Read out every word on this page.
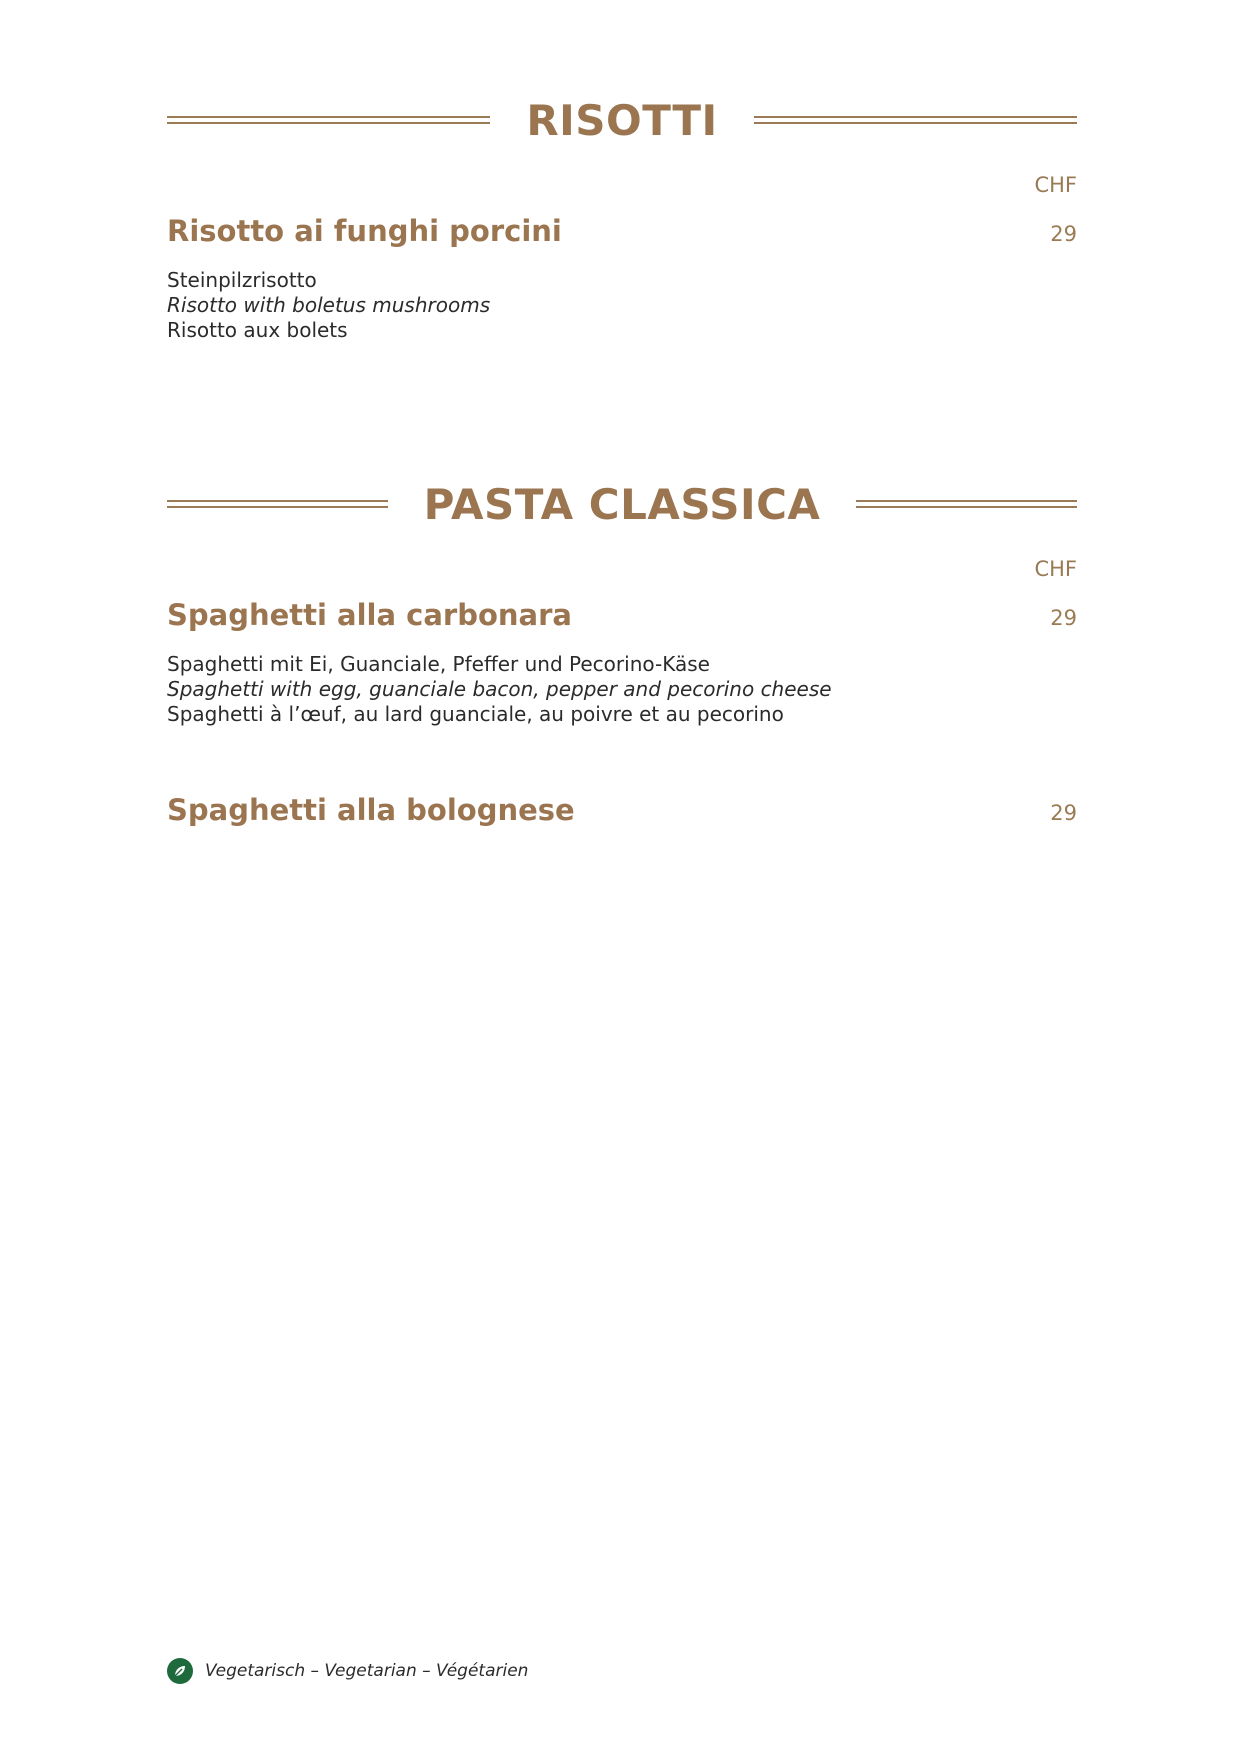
RISOTTI
CHF
Risotto ai funghi porcini	29
Steinpilzrisotto
Risotto with boletus mushrooms
Risotto aux bolets
PASTA CLASSICA
CHF
Spaghetti alla carbonara	29
Spaghetti mit Ei, Guanciale, Pfeffer und Pecorino-Käse
Spaghetti with egg, guanciale bacon, pepper and pecorino cheese
Spaghetti à l’œuf, au lard guanciale, au poivre et au pecorino
Spaghetti alla bolognese	29
Vegetarisch – Vegetarian – Végétarien
